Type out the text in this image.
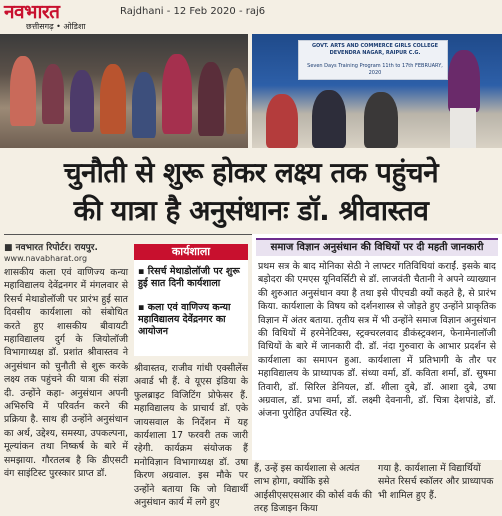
नवभारत
छत्तीसगढ़ • ओडिशा
Rajdhani - 12 Feb 2020 - raj6
GOVT. ARTS AND COMMERCE GIRLS COLLEGE DEVENDRA NAGAR, RAIPUR C.G.
Seven Days Training Program 11th to 17th FEBRUARY, 2020
चुनौती से शुरू होकर लक्ष्य तक पहुंचने
की यात्रा है अनुसंधानः डॉ. श्रीवास्तव
■ नवभारत रिपोर्टर। रायपुर.
www.navabharat.org

शासकीय कला एवं वाणिज्य कन्या महाविद्यालय देवेंद्रनगर में मंगलवार से रिसर्च मेथाडोलॉजी पर प्रारंभ हुई सात दिवसीय कार्यशाला को संबोधित करते हुए शासकीय बीवायटी महाविद्यालय दुर्ग के जियोलॉजी विभागाध्यक्ष डॉ. प्रशांत श्रीवास्तव ने अनुसंधान को चुनौती से शुरू करके लक्ष्य तक पहुंचने की यात्रा की संज्ञा दी. उन्होंने कहा- अनुसंधान अपनी अभिरुचि में परिवर्तन करने की प्रक्रिया है. साथ ही उन्होंने अनुसंधान का अर्थ, उद्देश्य, समस्या, उपकल्पना, मूल्यांकन तथा निष्कर्ष के बारे में समझाया. गौरतलब है कि डीएसटी वंग साइंटिस्ट पुरस्कार प्राप्त डॉ.

कार्यशाला
▪ रिसर्च मेथाडोलॉजी पर शुरू हुई सात दिनी कार्यशाला
▪ कला एवं वाणिज्य कन्या महाविद्यालय देवेंद्रनगर का आयोजन

श्रीवास्तव, राजीव गांधी एक्सीलेंस अवार्ड भी हैं. वे यूएस इंडिया के फुलब्राइट विजिटिंग प्रोफेसर हैं. महाविद्यालय के प्राचार्य डॉ. एके जायसवाल के निर्देशन में यह कार्यशाला 17 फरवरी तक जारी रहेगी. कार्यक्रम संयोजक हैं मनोविज्ञान विभागाध्यक्ष डॉ. उषा किरण अग्रवाल. इस मौके पर उन्होंने बताया कि जो विद्यार्थी अनुसंधान कार्य में लगे हुए

समाज विज्ञान अनुसंधान की विधियों पर दी महती जानकारी

प्रथम सत्र के बाद मोनिका सेठी ने लाफ्टर गतिविधियां कराईं. इसके बाद बड़ोदरा की एमएस यूनिवर्सिटी से डॉ. लाजवंती चैतानी ने अपने व्याख्यान की शुरुआत अनुसंधान क्या है तथा इसे पीएचडी क्यों कहते है, से प्रारंभ किया. कार्यशाला के विषय को दर्शनशास्त्र से जोड़ते हुए उन्होंने प्राकृतिक विज्ञान में अंतर बताया. तृतीय सत्र में भी उन्होंने समाज विज्ञान अनुसंधान की विधियों में हरमेनेटिक्स, स्ट्रक्चरलवाद डीकंस्ट्रक्शन, फेनामेनालॉजी विधियों के बारे में जानकारी दी. डॉ. नंदा गुरुवारा के आभार प्रदर्शन से कार्यशाला का समापन हुआ. कार्यशाला में प्रतिभागी के तौर पर महाविद्यालय के प्राध्यापक डॉ. संध्या वर्मा, डॉ. कविता शर्मा, डॉ. सुषमा तिवारी, डॉ. सिरिल डेनियल, डॉ. शीला दुबे, डॉ. आशा दुबे, उषा अग्रवाल, डॉ. प्रभा वर्मा, डॉ. लक्ष्मी देवनानी, डॉ. चित्रा देशपांडे, डॉ. अंजना पुरोहित उपस्थित रहे.

हैं, उन्हें इस कार्यशाला से अत्यंत लाभ होगा, क्योंकि इसे आईसीएसएसआर की कोर्स वर्क की तरह डिजाइन किया
गया है. कार्यशाला में विद्यार्थियों समेत रिसर्च स्कॉलर और प्राध्यापक भी शामिल हुए हैं.
